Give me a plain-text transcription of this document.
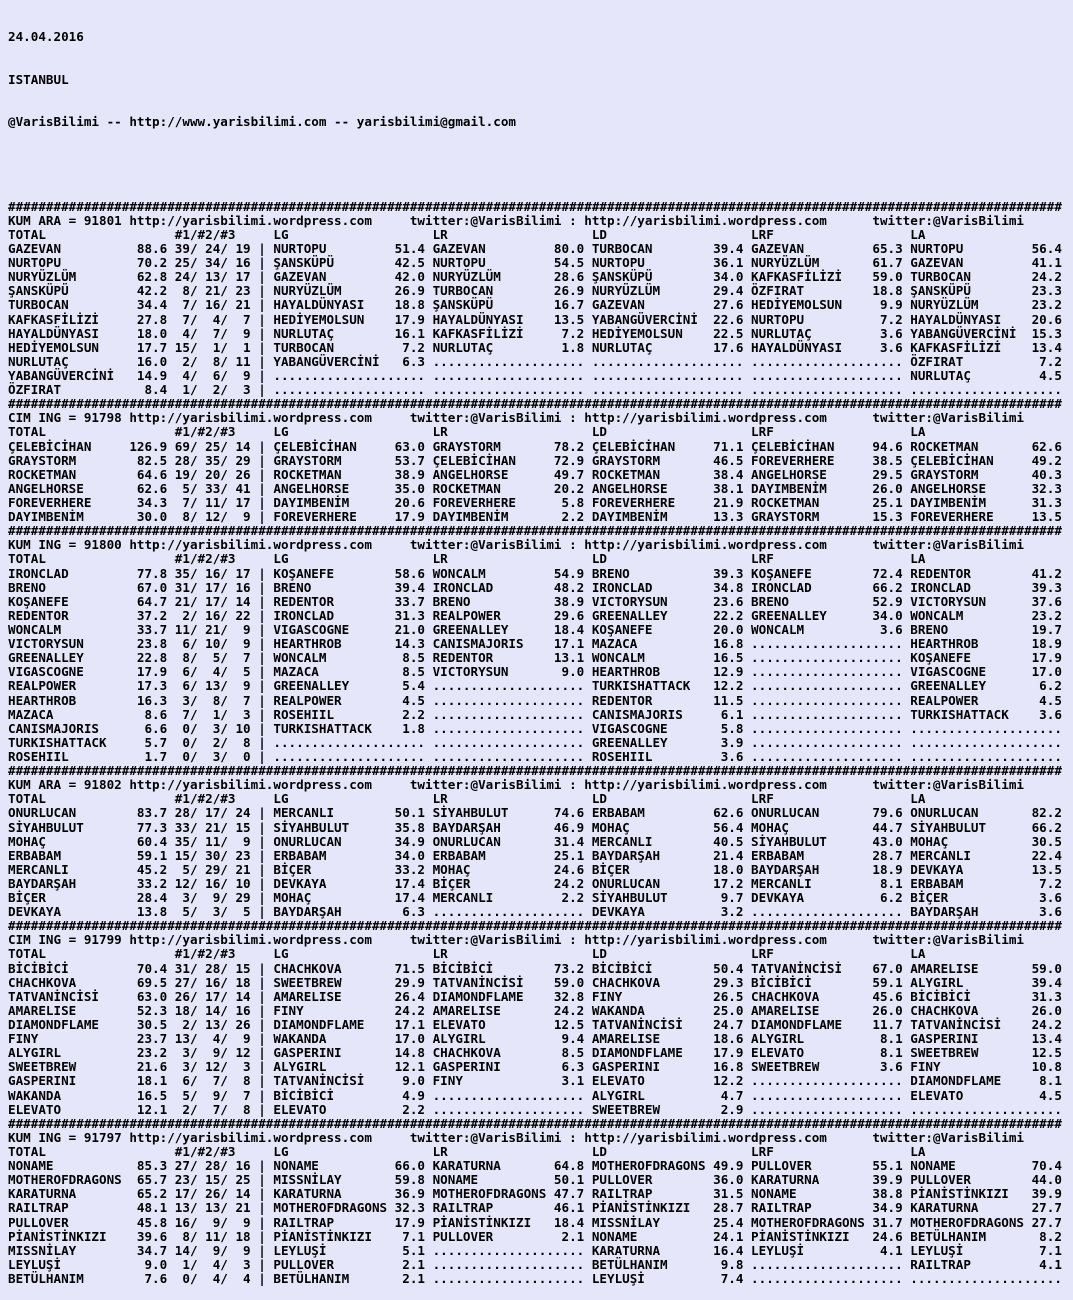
24.04.2016

ISTANBUL

@VarisBilimi -- http://www.yarisbilimi.com -- yarisbilimi@gmail.com

###########################################################################################################################################
KUM ARA = 91801 http://yarisbilimi.wordpress.com     twitter:@VarisBilimi : http://yarisbilimi.wordpress.com      twitter:@VarisBilimi
TOTAL                 #1/#2/#3     LG                   LR                   LD                   LRF                  LA
GAZEVAN          88.6 39/ 24/ 19 | NURTOPU         51.4 GAZEVAN         80.0 TURBOCAN        39.4 GAZEVAN         65.3 NURTOPU         56.4
NURTOPU          70.2 25/ 34/ 16 | ŞANSKÜPÜ        42.5 NURTOPU         54.5 NURTOPU         36.1 NURYÜZLÜM       61.7 GAZEVAN         41.1
NURYÜZLÜM        62.8 24/ 13/ 17 | GAZEVAN         42.0 NURYÜZLÜM       28.6 ŞANSKÜPÜ        34.0 KAFKASFİLİZİ    59.0 TURBOCAN        24.2
ŞANSKÜPÜ         42.2  8/ 21/ 23 | NURYÜZLÜM       26.9 TURBOCAN        26.9 NURYÜZLÜM       29.4 ÖZFIRAT         18.8 ŞANSKÜPÜ        23.3
TURBOCAN         34.4  7/ 16/ 21 | HAYALDÜNYASI    18.8 ŞANSKÜPÜ        16.7 GAZEVAN         27.6 HEDİYEMOLSUN     9.9 NURYÜZLÜM       23.2
KAFKASFİLİZİ     27.8  7/  4/  7 | HEDİYEMOLSUN    17.9 HAYALDÜNYASI    13.5 YABANGÜVERCİNİ  22.6 NURTOPU          7.2 HAYALDÜNYASI    20.6
HAYALDÜNYASI     18.0  4/  7/  9 | NURLUTAÇ        16.1 KAFKASFİLİZİ     7.2 HEDİYEMOLSUN    22.5 NURLUTAÇ         3.6 YABANGÜVERCİNİ  15.3
HEDİYEMOLSUN     17.7 15/  1/  1 | TURBOCAN         7.2 NURLUTAÇ         1.8 NURLUTAÇ        17.6 HAYALDÜNYASI     3.6 KAFKASFİLİZİ    13.4
NURLUTAÇ         16.0  2/  8/ 11 | YABANGÜVERCİNİ   6.3 .................... .................... .................... ÖZFIRAT          7.2
YABANGÜVERCİNİ   14.9  4/  6/  9 | .................... .................... .................... .................... NURLUTAÇ         4.5
ÖZFIRAT           8.4  1/  2/  3 | .................... .................... .................... .................... ....................
###########################################################################################################################################
CIM ING = 91798 http://yarisbilimi.wordpress.com     twitter:@VarisBilimi : http://yarisbilimi.wordpress.com      twitter:@VarisBilimi
TOTAL                 #1/#2/#3     LG                   LR                   LD                   LRF                  LA
ÇELEBİCİHAN     126.9 69/ 25/ 14 | ÇELEBİCİHAN     63.0 GRAYSTORM       78.2 ÇELEBİCİHAN     71.1 ÇELEBİCİHAN     94.6 ROCKETMAN       62.6
GRAYSTORM        82.5 28/ 35/ 29 | GRAYSTORM       53.7 ÇELEBİCİHAN     72.9 GRAYSTORM       46.5 FOREVERHERE     38.5 ÇELEBİCİHAN     49.2
ROCKETMAN        64.6 19/ 20/ 26 | ROCKETMAN       38.9 ANGELHORSE      49.7 ROCKETMAN       38.4 ANGELHORSE      29.5 GRAYSTORM       40.3
ANGELHORSE       62.6  5/ 33/ 41 | ANGELHORSE      35.0 ROCKETMAN       20.2 ANGELHORSE      38.1 DAYIMBENİM      26.0 ANGELHORSE      32.3
FOREVERHERE      34.3  7/ 11/ 17 | DAYIMBENİM      20.6 FOREVERHERE      5.8 FOREVERHERE     21.9 ROCKETMAN       25.1 DAYIMBENİM      31.3
DAYIMBENİM       30.0  8/ 12/  9 | FOREVERHERE     17.9 DAYIMBENİM       2.2 DAYIMBENİM      13.3 GRAYSTORM       15.3 FOREVERHERE     13.5
###########################################################################################################################################
KUM ING = 91800 http://yarisbilimi.wordpress.com     twitter:@VarisBilimi : http://yarisbilimi.wordpress.com      twitter:@VarisBilimi
TOTAL                 #1/#2/#3     LG                   LR                   LD                   LRF                  LA
IRONCLAD         77.8 35/ 16/ 17 | KOŞANEFE        58.6 WONCALM         54.9 BRENO           39.3 KOŞANEFE        72.4 REDENTOR        41.2
BRENO            67.0 31/ 17/ 16 | BRENO           39.4 IRONCLAD        48.2 IRONCLAD        34.8 IRONCLAD        66.2 IRONCLAD        39.3
KOŞANEFE         64.7 21/ 17/ 14 | REDENTOR        33.7 BRENO           38.9 VICTORYSUN      23.6 BRENO           52.9 VICTORYSUN      37.6
REDENTOR         37.2  2/ 16/ 22 | IRONCLAD        31.3 REALPOWER       29.6 GREENALLEY      22.2 GREENALLEY      34.0 WONCALM         23.2
WONCALM          33.7 11/ 21/  9 | VIGASCOGNE      21.0 GREENALLEY      18.4 KOŞANEFE        20.0 WONCALM          3.6 BRENO           19.7
VICTORYSUN       23.8  6/ 10/  9 | HEARTHROB       14.3 CANISMAJORIS    17.1 MAZACA          16.8 .................... HEARTHROB       18.9
GREENALLEY       22.8  8/  5/  7 | WONCALM          8.5 REDENTOR        13.1 WONCALM         16.5 .................... KOŞANEFE        17.9
VIGASCOGNE       17.9  6/  4/  5 | MAZACA           8.5 VICTORYSUN       9.0 HEARTHROB       12.9 .................... VIGASCOGNE      17.0
REALPOWER        17.3  6/ 13/  9 | GREENALLEY       5.4 .................... TURKISHATTACK   12.2 .................... GREENALLEY       6.2
HEARTHROB        16.3  3/  8/  7 | REALPOWER        4.5 .................... REDENTOR        11.5 .................... REALPOWER        4.5
MAZACA            8.6  7/  1/  3 | ROSEHIIL         2.2 .................... CANISMAJORIS     6.1 .................... TURKISHATTACK    3.6
CANISMAJORIS      6.6  0/  3/ 10 | TURKISHATTACK    1.8 .................... VIGASCOGNE       5.8 .................... ....................
TURKISHATTACK     5.7  0/  2/  8 | .................... .................... GREENALLEY       3.9 .................... ....................
ROSEHIIL          1.7  0/  3/  0 | .................... .................... ROSEHIIL         3.6 .................... ....................
###########################################################################################################################################
KUM ARA = 91802 http://yarisbilimi.wordpress.com     twitter:@VarisBilimi : http://yarisbilimi.wordpress.com      twitter:@VarisBilimi
TOTAL                 #1/#2/#3     LG                   LR                   LD                   LRF                  LA
ONURLUCAN        83.7 28/ 17/ 24 | MERCANLI        50.1 SİYAHBULUT      74.6 ERBABAM         62.6 ONURLUCAN       79.6 ONURLUCAN       82.2
SİYAHBULUT       77.3 33/ 21/ 15 | SİYAHBULUT      35.8 BAYDARŞAH       46.9 MOHAÇ           56.4 MOHAÇ           44.7 SİYAHBULUT      66.2
MOHAÇ            60.4 35/ 11/  9 | ONURLUCAN       34.9 ONURLUCAN       31.4 MERCANLI        40.5 SİYAHBULUT      43.0 MOHAÇ           30.5
ERBABAM          59.1 15/ 30/ 23 | ERBABAM         34.0 ERBABAM         25.1 BAYDARŞAH       21.4 ERBABAM         28.7 MERCANLI        22.4
MERCANLI         45.2  5/ 29/ 21 | BİÇER           33.2 MOHAÇ           24.6 BİÇER           18.0 BAYDARŞAH       18.9 DEVKAYA         13.5
BAYDARŞAH        33.2 12/ 16/ 10 | DEVKAYA         17.4 BİÇER           24.2 ONURLUCAN       17.2 MERCANLI         8.1 ERBABAM          7.2
BİÇER            28.4  3/  9/ 29 | MOHAÇ           17.4 MERCANLI         2.2 SİYAHBULUT       9.7 DEVKAYA          6.2 BİÇER            3.6
DEVKAYA          13.8  5/  3/  5 | BAYDARŞAH        6.3 .................... DEVKAYA          3.2 .................... BAYDARŞAH        3.6
###########################################################################################################################################
CIM ING = 91799 http://yarisbilimi.wordpress.com     twitter:@VarisBilimi : http://yarisbilimi.wordpress.com      twitter:@VarisBilimi
TOTAL                 #1/#2/#3     LG                   LR                   LD                   LRF                  LA
BİCİBİCİ         70.4 31/ 28/ 15 | CHACHKOVA       71.5 BİCİBİCİ        73.2 BİCİBİCİ        50.4 TATVANİNCİSİ    67.0 AMARELISE       59.0
CHACHKOVA        69.5 27/ 16/ 18 | SWEETBREW       29.9 TATVANİNCİSİ    59.0 CHACHKOVA       29.3 BİCİBİCİ        59.1 ALYGIRL         39.4
TATVANİNCİSİ     63.0 26/ 17/ 14 | AMARELISE       26.4 DIAMONDFLAME    32.8 FINY            26.5 CHACHKOVA       45.6 BİCİBİCİ        31.3
AMARELISE        52.3 18/ 14/ 16 | FINY            24.2 AMARELISE       24.2 WAKANDA         25.0 AMARELISE       26.0 CHACHKOVA       26.0
DIAMONDFLAME     30.5  2/ 13/ 26 | DIAMONDFLAME    17.1 ELEVATO         12.5 TATVANİNCİSİ    24.7 DIAMONDFLAME    11.7 TATVANİNCİSİ    24.2
FINY             23.7 13/  4/  9 | WAKANDA         17.0 ALYGIRL          9.4 AMARELISE       18.6 ALYGIRL          8.1 GASPERINI       13.4
ALYGIRL          23.2  3/  9/ 12 | GASPERINI       14.8 CHACHKOVA        8.5 DIAMONDFLAME    17.9 ELEVATO          8.1 SWEETBREW       12.5
SWEETBREW        21.6  3/ 12/  3 | ALYGIRL         12.1 GASPERINI        6.3 GASPERINI       16.8 SWEETBREW        3.6 FINY            10.8
GASPERINI        18.1  6/  7/  8 | TATVANİNCİSİ     9.0 FINY             3.1 ELEVATO         12.2 .................... DIAMONDFLAME     8.1
WAKANDA          16.5  5/  9/  7 | BİCİBİCİ         4.9 .................... ALYGIRL          4.7 .................... ELEVATO          4.5
ELEVATO          12.1  2/  7/  8 | ELEVATO          2.2 .................... SWEETBREW        2.9 .................... ....................
###########################################################################################################################################
KUM ING = 91797 http://yarisbilimi.wordpress.com     twitter:@VarisBilimi : http://yarisbilimi.wordpress.com      twitter:@VarisBilimi
TOTAL                 #1/#2/#3     LG                   LR                   LD                   LRF                  LA
NONAME           85.3 27/ 28/ 16 | NONAME          66.0 KARATURNA       64.8 MOTHEROFDRAGONS 49.9 PULLOVER        55.1 NONAME          70.4
MOTHEROFDRAGONS  65.7 23/ 15/ 25 | MISSNİLAY       59.8 NONAME          50.1 PULLOVER        36.0 KARATURNA       39.9 PULLOVER        44.0
KARATURNA        65.2 17/ 26/ 14 | KARATURNA       36.9 MOTHEROFDRAGONS 47.7 RAILTRAP        31.5 NONAME          38.8 PİANİSTİNKIZI   39.9
RAILTRAP         48.1 13/ 13/ 21 | MOTHEROFDRAGONS 32.3 RAILTRAP        46.1 PİANİSTİNKIZI   28.7 RAILTRAP        34.9 KARATURNA       27.7
PULLOVER         45.8 16/  9/  9 | RAILTRAP        17.9 PİANİSTİNKIZI   18.4 MISSNİLAY       25.4 MOTHEROFDRAGONS 31.7 MOTHEROFDRAGONS 27.7
PİANİSTİNKIZI    39.6  8/ 11/ 18 | PİANİSTİNKIZI    7.1 PULLOVER         2.1 NONAME          24.1 PİANİSTİNKIZI   24.6 BETÜLHANIM       8.2
MISSNİLAY        34.7 14/  9/  9 | LEYLUŞİ          5.1 .................... KARATURNA       16.4 LEYLUŞİ          4.1 LEYLUŞİ          7.1
LEYLUŞİ           9.0  1/  4/  3 | PULLOVER         2.1 .................... BETÜLHANIM       9.8 .................... RAILTRAP         4.1
BETÜLHANIM        7.6  0/  4/  4 | BETÜLHANIM       2.1 .................... LEYLUŞİ          7.4 .................... ....................
